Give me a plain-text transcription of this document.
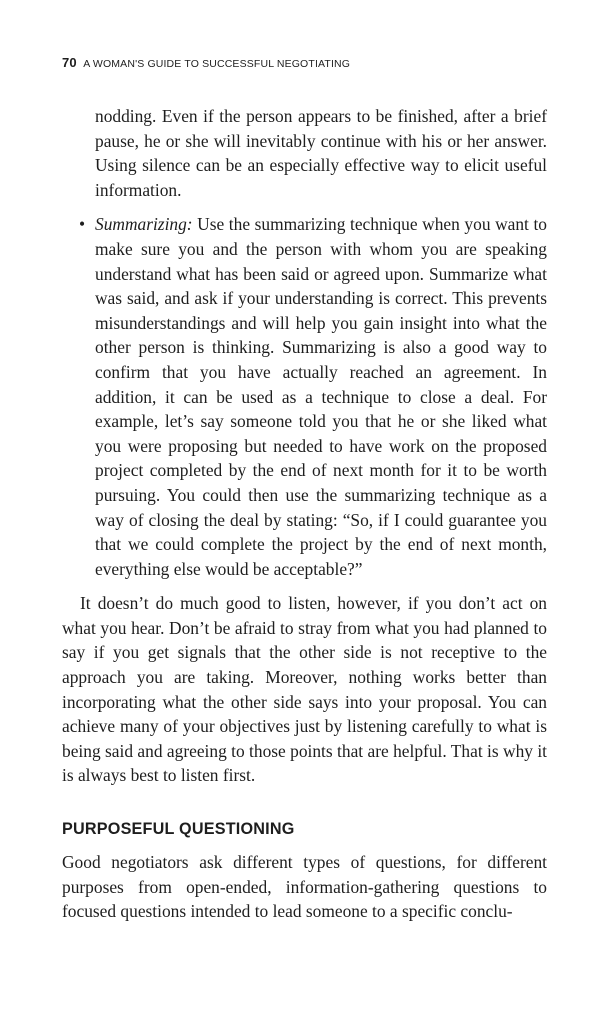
70 A WOMAN'S GUIDE TO SUCCESSFUL NEGOTIATING

nodding. Even if the person appears to be finished, after a brief pause, he or she will inevitably continue with his or her answer. Using silence can be an especially effective way to elicit useful information.

• Summarizing: Use the summarizing technique when you want to make sure you and the person with whom you are speaking understand what has been said or agreed upon. Summarize what was said, and ask if your understanding is correct. This prevents misunderstandings and will help you gain insight into what the other person is thinking. Summarizing is also a good way to confirm that you have actually reached an agreement. In addition, it can be used as a technique to close a deal. For example, let’s say someone told you that he or she liked what you were proposing but needed to have work on the proposed project completed by the end of next month for it to be worth pursuing. You could then use the summarizing technique as a way of closing the deal by stating: “So, if I could guarantee you that we could complete the project by the end of next month, everything else would be acceptable?”

It doesn’t do much good to listen, however, if you don’t act on what you hear. Don’t be afraid to stray from what you had planned to say if you get signals that the other side is not receptive to the approach you are taking. Moreover, nothing works better than incorporating what the other side says into your proposal. You can achieve many of your objectives just by listening carefully to what is being said and agreeing to those points that are helpful. That is why it is always best to listen first.

PURPOSEFUL QUESTIONING

Good negotiators ask different types of questions, for different purposes from open-ended, information-gathering questions to focused questions intended to lead someone to a specific conclu-
